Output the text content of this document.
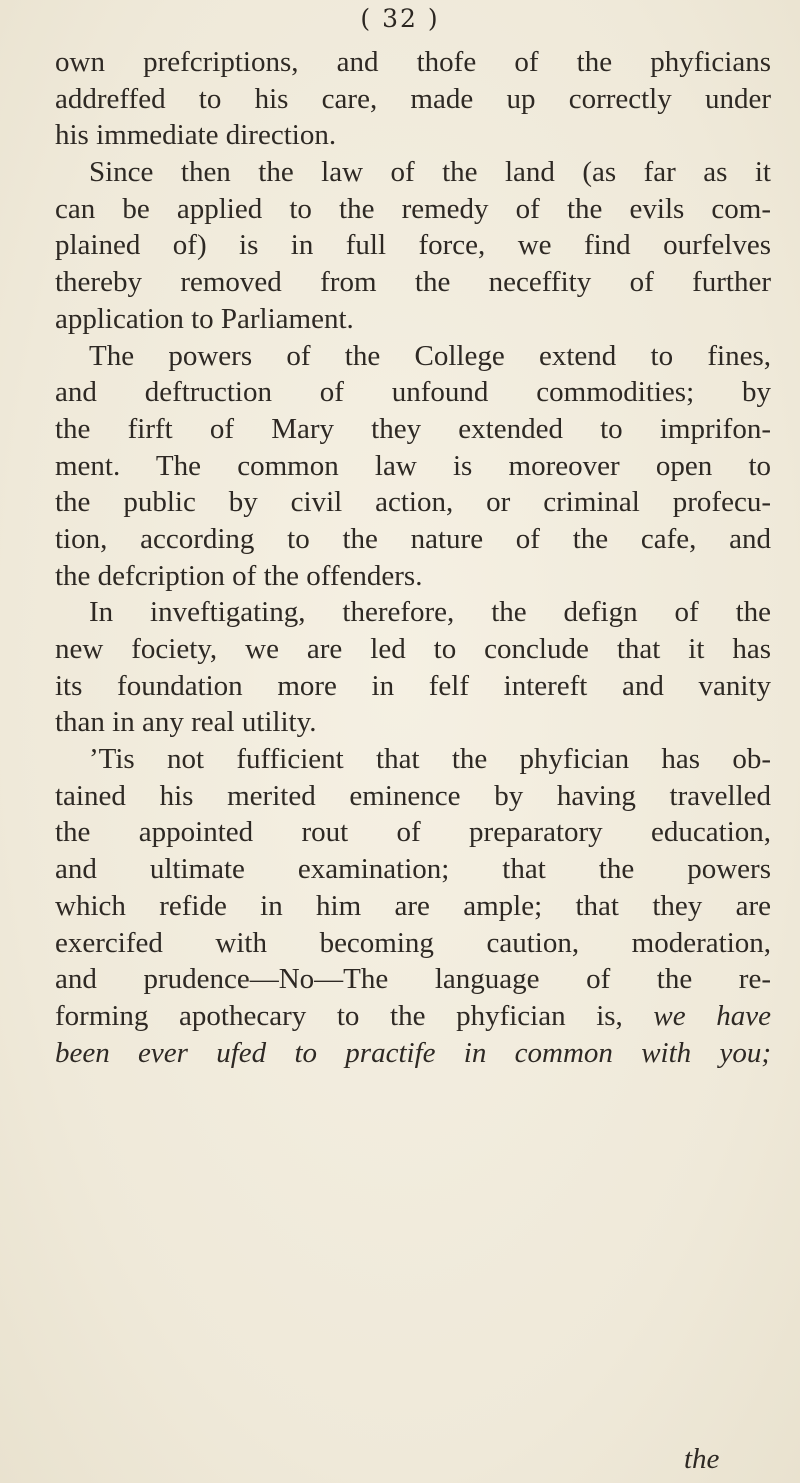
( 32 )
own prefcriptions, and thofe of the phyficians
addreffed to his care, made up correctly under
his immediate direction.
Since then the law of the land (as far as it
can be applied to the remedy of the evils com-
plained of) is in full force, we find ourfelves
thereby removed from the neceffity of further
application to Parliament.
The powers of the College extend to fines,
and deftruction of unfound commodities; by
the firft of Mary they extended to imprifon-
ment. The common law is moreover open to
the public by civil action, or criminal profecu-
tion, according to the nature of the cafe, and
the defcription of the offenders.
In inveftigating, therefore, the defign of the
new fociety, we are led to conclude that it has
its foundation more in felf intereft and vanity
than in any real utility.
’Tis not fufficient that the phyfician has ob-
tained his merited eminence by having travelled
the appointed rout of preparatory education,
and ultimate examination; that the powers
which refide in him are ample; that they are
exercifed with becoming caution, moderation,
and prudence—No—The language of the re-
forming apothecary to the phyfician is, we have
been ever ufed to practife in common with you;
the
